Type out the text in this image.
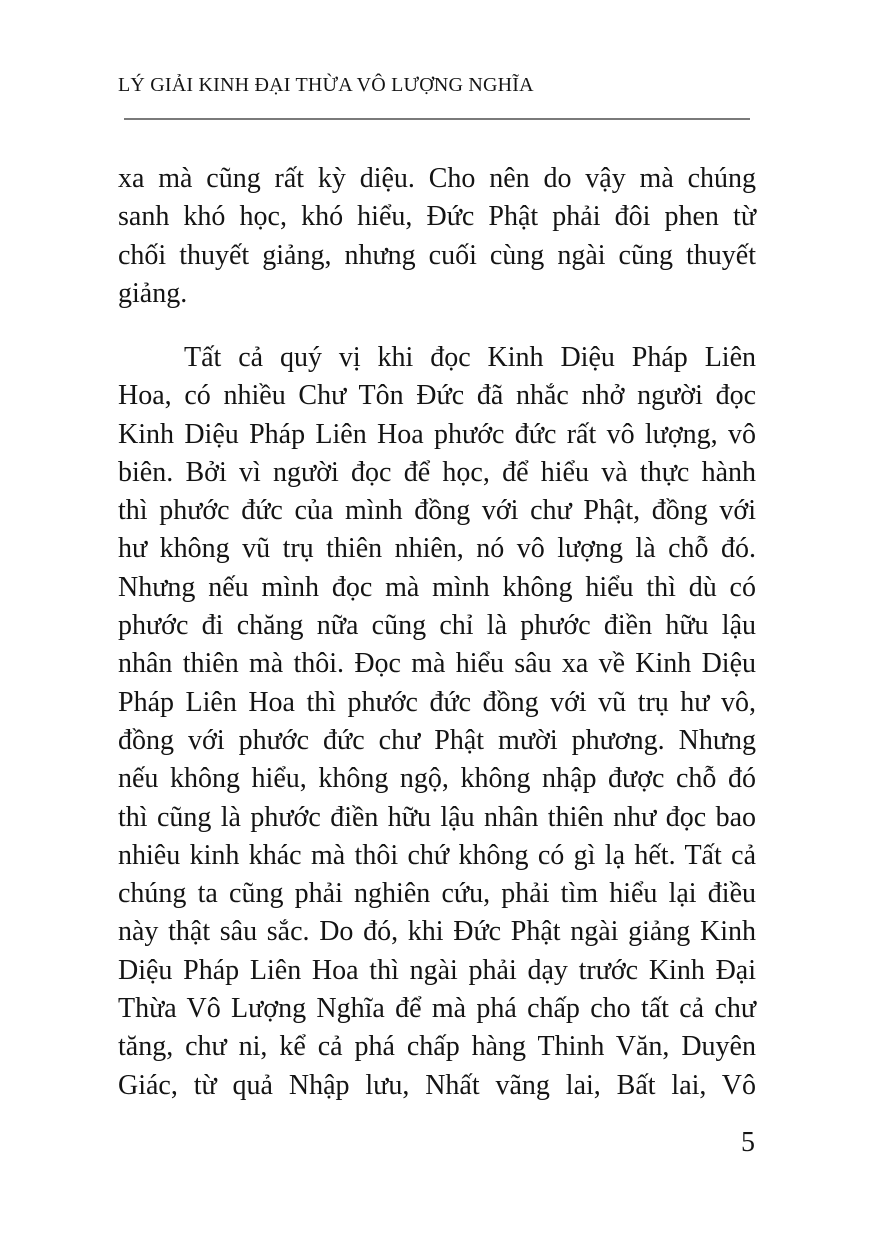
LÝ GIẢI KINH ĐẠI THỪA VÔ LƯỢNG NGHĨA
xa mà cũng rất kỳ diệu. Cho nên do vậy mà chúng
sanh khó học, khó hiểu, Đức Phật phải đôi phen từ
chối thuyết giảng, nhưng cuối cùng ngài cũng thuyết
giảng.
Tất cả quý vị khi đọc Kinh Diệu Pháp Liên
Hoa, có nhiều Chư Tôn Đức đã nhắc nhở người đọc
Kinh Diệu Pháp Liên Hoa phước đức rất vô lượng, vô
biên. Bởi vì người đọc để học, để hiểu và thực hành
thì phước đức của mình đồng với chư Phật, đồng với
hư không vũ trụ thiên nhiên, nó vô lượng là chỗ đó.
Nhưng nếu mình đọc mà mình không hiểu thì dù có
phước đi chăng nữa cũng chỉ là phước điền hữu lậu
nhân thiên mà thôi. Đọc mà hiểu sâu xa về Kinh Diệu
Pháp Liên Hoa thì phước đức đồng với vũ trụ hư vô,
đồng với phước đức chư Phật mười phương. Nhưng
nếu không hiểu, không ngộ, không nhập được chỗ đó
thì cũng là phước điền hữu lậu nhân thiên như đọc bao
nhiêu kinh khác mà thôi chứ không có gì lạ hết. Tất cả
chúng ta cũng phải nghiên cứu, phải tìm hiểu lại điều
này thật sâu sắc. Do đó, khi Đức Phật ngài giảng Kinh
Diệu Pháp Liên Hoa thì ngài phải dạy trước Kinh Đại
Thừa Vô Lượng Nghĩa để mà phá chấp cho tất cả chư
tăng, chư ni, kể cả phá chấp hàng Thinh Văn, Duyên
Giác, từ quả Nhập lưu, Nhất vãng lai, Bất lai, Vô
5
